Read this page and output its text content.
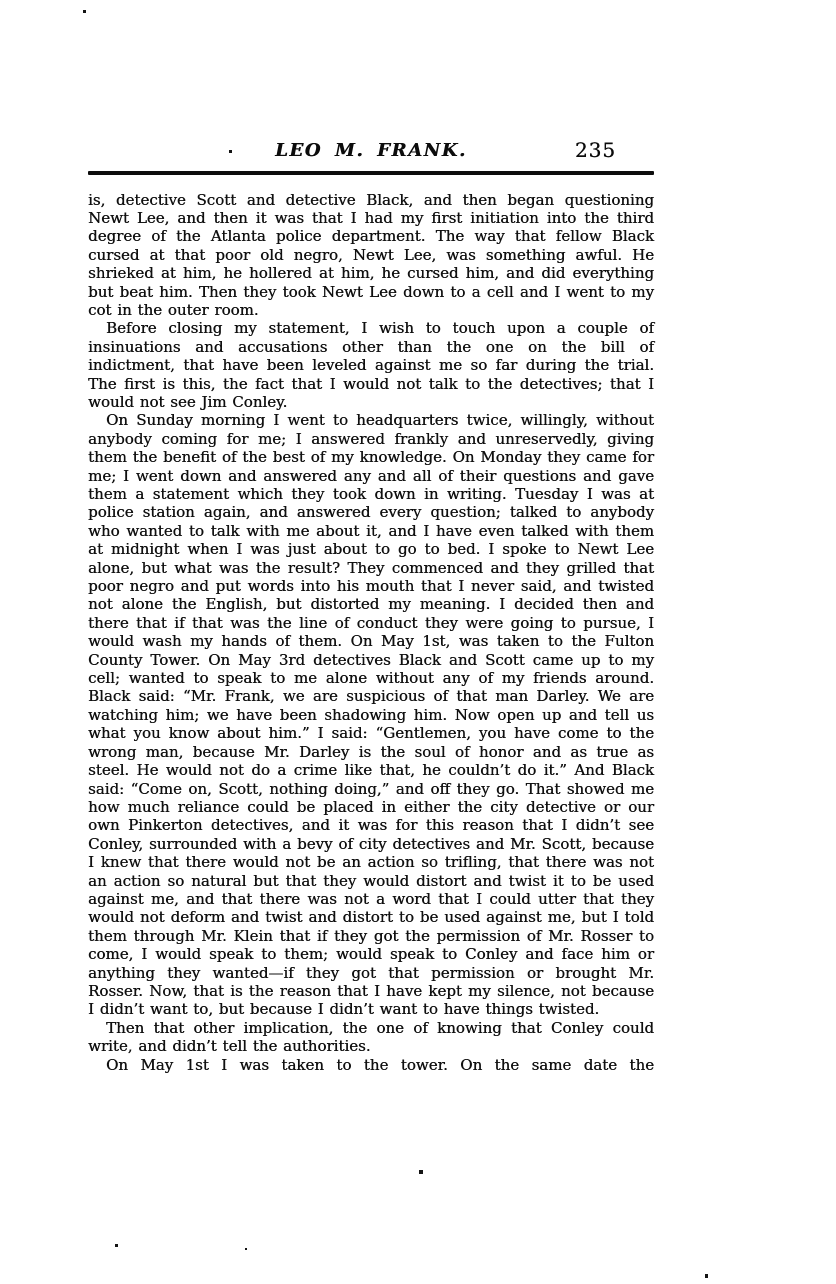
LEO M. FRANK.	235

is, detective Scott and detective Black, and then began questioning Newt Lee, and then it was that I had my first initiation into the third degree of the Atlanta police department. The way that fellow Black cursed at that poor old negro, Newt Lee, was something awful. He shrieked at him, he hollered at him, he cursed him, and did everything but beat him. Then they took Newt Lee down to a cell and I went to my cot in the outer room.

Before closing my statement, I wish to touch upon a couple of insinuations and accusations other than the one on the bill of indictment, that have been leveled against me so far during the trial. The first is this, the fact that I would not talk to the detectives; that I would not see Jim Conley.

On Sunday morning I went to headquarters twice, willingly, without anybody coming for me; I answered frankly and unreservedly, giving them the benefit of the best of my knowledge. On Monday they came for me; I went down and answered any and all of their questions and gave them a statement which they took down in writing. Tuesday I was at police station again, and answered every question; talked to anybody who wanted to talk with me about it, and I have even talked with them at midnight when I was just about to go to bed. I spoke to Newt Lee alone, but what was the result? They commenced and they grilled that poor negro and put words into his mouth that I never said, and twisted not alone the English, but distorted my meaning. I decided then and there that if that was the line of conduct they were going to pursue, I would wash my hands of them. On May 1st, was taken to the Fulton County Tower. On May 3rd detectives Black and Scott came up to my cell; wanted to speak to me alone without any of my friends around. Black said: “Mr. Frank, we are suspicious of that man Darley. We are watching him; we have been shadowing him. Now open up and tell us what you know about him.” I said: “Gentlemen, you have come to the wrong man, because Mr. Darley is the soul of honor and as true as steel. He would not do a crime like that, he couldn’t do it.” And Black said: “Come on, Scott, nothing doing,” and off they go. That showed me how much reliance could be placed in either the city detective or our own Pinkerton detectives, and it was for this reason that I didn’t see Conley, surrounded with a bevy of city detectives and Mr. Scott, because I knew that there would not be an action so trifling, that there was not an action so natural but that they would distort and twist it to be used against me, and that there was not a word that I could utter that they would not deform and twist and distort to be used against me, but I told them through Mr. Klein that if they got the permission of Mr. Rosser to come, I would speak to them; would speak to Conley and face him or anything they wanted—if they got that permission or brought Mr. Rosser. Now, that is the reason that I have kept my silence, not because I didn’t want to, but because I didn’t want to have things twisted.

Then that other implication, the one of knowing that Conley could write, and didn’t tell the authorities.

On May 1st I was taken to the tower. On the same date the
